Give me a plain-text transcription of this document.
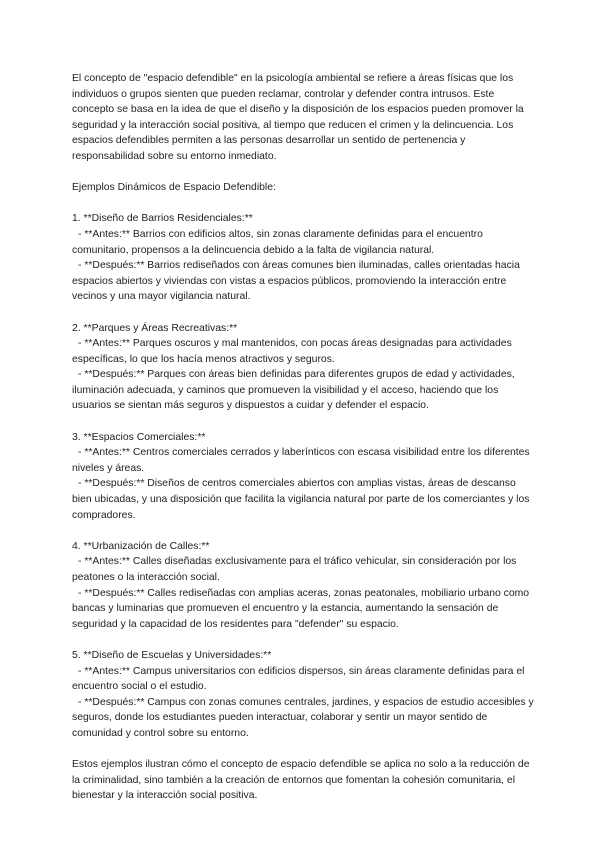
El concepto de "espacio defendible" en la psicología ambiental se refiere a áreas físicas que los individuos o grupos sienten que pueden reclamar, controlar y defender contra intrusos. Este concepto se basa en la idea de que el diseño y la disposición de los espacios pueden promover la seguridad y la interacción social positiva, al tiempo que reducen el crimen y la delincuencia. Los espacios defendibles permiten a las personas desarrollar un sentido de pertenencia y responsabilidad sobre su entorno inmediato.

Ejemplos Dinámicos de Espacio Defendible:

1. **Diseño de Barrios Residenciales:**

- **Antes:** Barrios con edificios altos, sin zonas claramente definidas para el encuentro comunitario, propensos a la delincuencia debido a la falta de vigilancia natural.

- **Después:** Barrios rediseñados con áreas comunes bien iluminadas, calles orientadas hacia espacios abiertos y viviendas con vistas a espacios públicos, promoviendo la interacción entre vecinos y una mayor vigilancia natural.

2. **Parques y Áreas Recreativas:**

- **Antes:** Parques oscuros y mal mantenidos, con pocas áreas designadas para actividades específicas, lo que los hacía menos atractivos y seguros.

- **Después:** Parques con áreas bien definidas para diferentes grupos de edad y actividades, iluminación adecuada, y caminos que promueven la visibilidad y el acceso, haciendo que los usuarios se sientan más seguros y dispuestos a cuidar y defender el espacio.

3. **Espacios Comerciales:**

- **Antes:** Centros comerciales cerrados y laberínticos con escasa visibilidad entre los diferentes niveles y áreas.

- **Después:** Diseños de centros comerciales abiertos con amplias vistas, áreas de descanso bien ubicadas, y una disposición que facilita la vigilancia natural por parte de los comerciantes y los compradores.

4. **Urbanización de Calles:**

- **Antes:** Calles diseñadas exclusivamente para el tráfico vehicular, sin consideración por los peatones o la interacción social.

- **Después:** Calles rediseñadas con amplias aceras, zonas peatonales, mobiliario urbano como bancas y luminarias que promueven el encuentro y la estancia, aumentando la sensación de seguridad y la capacidad de los residentes para "defender" su espacio.

5. **Diseño de Escuelas y Universidades:**

- **Antes:** Campus universitarios con edificios dispersos, sin áreas claramente definidas para el encuentro social o el estudio.

- **Después:** Campus con zonas comunes centrales, jardines, y espacios de estudio accesibles y seguros, donde los estudiantes pueden interactuar, colaborar y sentir un mayor sentido de comunidad y control sobre su entorno.

Estos ejemplos ilustran cómo el concepto de espacio defendible se aplica no solo a la reducción de la criminalidad, sino también a la creación de entornos que fomentan la cohesión comunitaria, el bienestar y la interacción social positiva.
